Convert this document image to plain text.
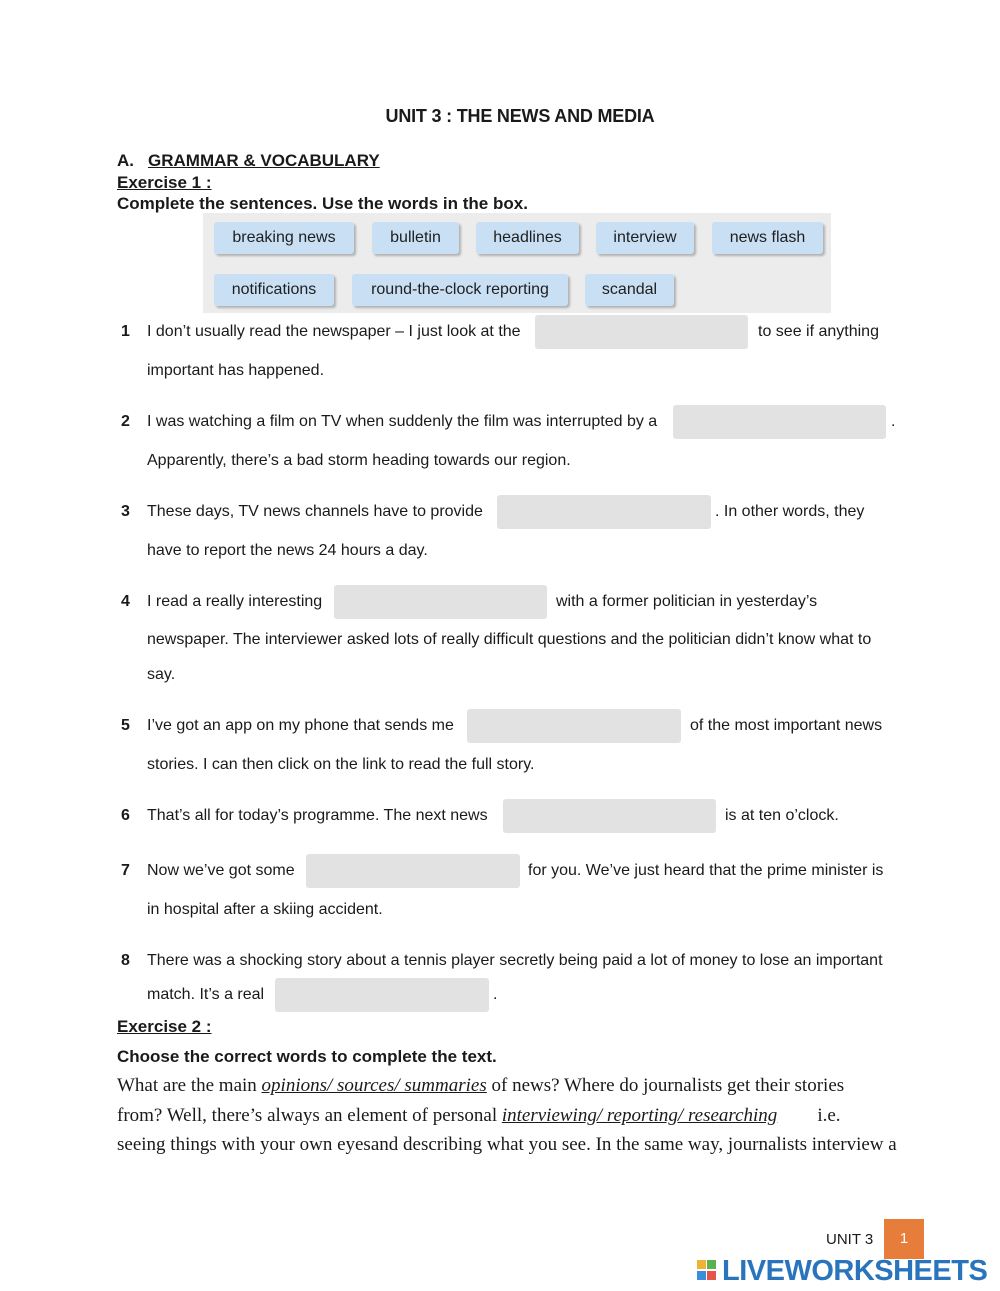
UNIT 3 : THE NEWS AND MEDIA
A. GRAMMAR & VOCABULARY
Exercise 1 :
Complete the sentences. Use the words in the box.
breaking news	bulletin	headlines	interview	news flash
notifications	round-the-clock reporting	scandal
1 I don’t usually read the newspaper – I just look at the	to see if anything
important has happened.
2 I was watching a film on TV when suddenly the film was interrupted by a	.
Apparently, there’s a bad storm heading towards our region.
3 These days, TV news channels have to provide	. In other words, they
have to report the news 24 hours a day.
4 I read a really interesting	with a former politician in yesterday’s
newspaper. The interviewer asked lots of really difficult questions and the politician didn’t know what to
say.
5 I’ve got an app on my phone that sends me	of the most important news
stories. I can then click on the link to read the full story.
6 That’s all for today’s programme. The next news	is at ten o’clock.
7 Now we’ve got some	for you. We’ve just heard that the prime minister is
in hospital after a skiing accident.
8 There was a shocking story about a tennis player secretly being paid a lot of money to lose an important
match. It’s a real	.
Exercise 2 :
Choose the correct words to complete the text.
What are the main opinions/ sources/ summaries of news? Where do journalists get their stories
from? Well, there’s always an element of personal interviewing/ reporting/ researching i.e.
seeing things with your own eyesand describing what you see. In the same way, journalists interview a
UNIT 3	1
LIVEWORKSHEETS
